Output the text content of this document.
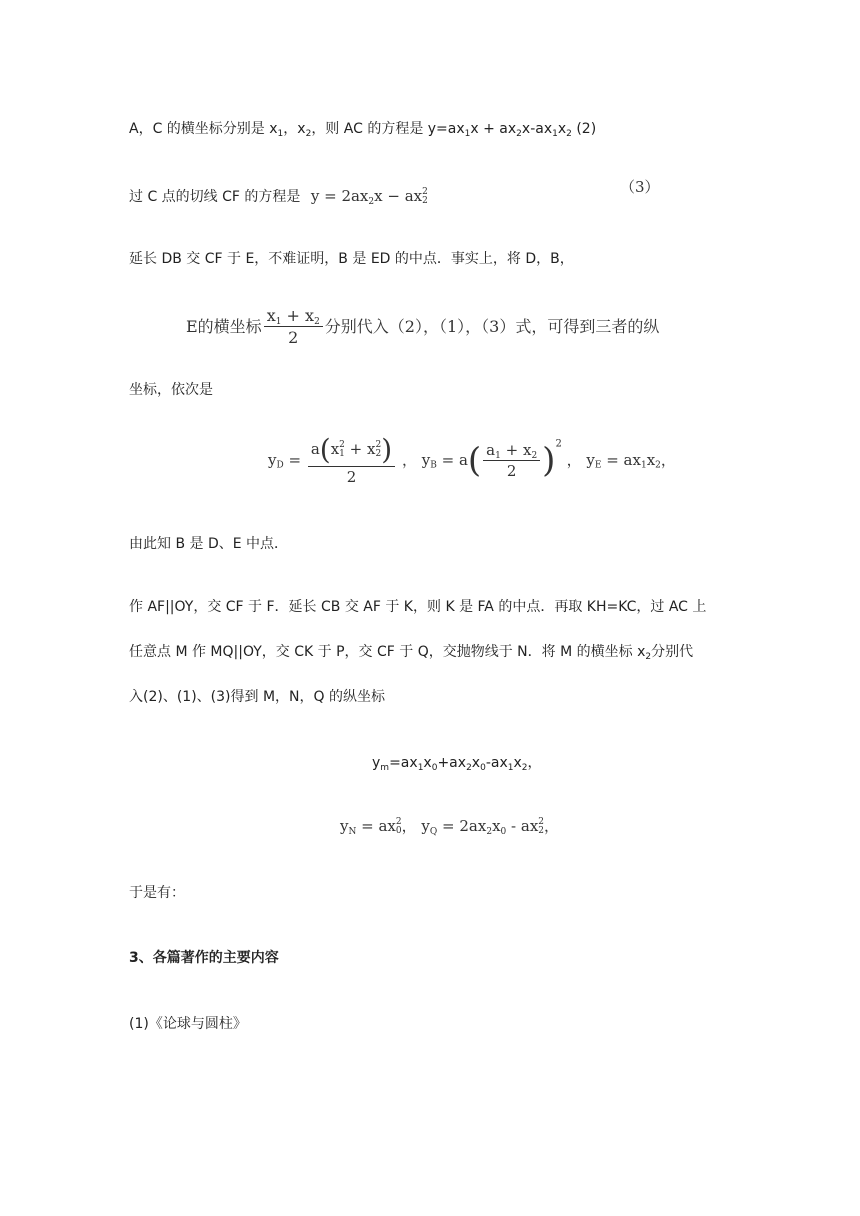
A，C 的横坐标分别是 $x_1$，$x_2$，则 AC 的方程是 $y=ax_1x + ax_2x-ax_1x_2$ (2)
过 C 点的切线 CF 的方程是 $y = 2ax_2x$ − ax 2
2
（3）
延长 DB 交 CF 于 E，不难证明，B 是 ED 的中点．事实上，将 D，B，
E的横坐标 $\frac{x_1 + x_2}{2}$ 分别代入（2），（1），（3）式，可得到三者的纵
坐标，依次是
$y_D = a(x$ 2
1 + x 2
2 )
2 ， $y_B = a( \frac{a_1 + x_2}{2} )^2$ ， $y_E = ax_1x_2$，
由此知 B 是 D、E 中点．
作 AF||OY，交 CF 于 F．延长 CB 交 AF 于 K，则 K 是 FA 的中点．再取 KH=KC，过 AC 上
任意点 M 作 MQ||OY，交 CK 于 P，交 CF 于 Q，交抛物线于 N．将 M 的横坐标 $x_2$分别代
入(2)、(1)、(3)得到 M，N，Q 的纵坐标
$y_m=ax_1x_0+ax_2x_0-ax_1x_2$，
$y_N$ = ax 2
0 ， $y_Q = 2ax_2x_0$ - ax 2
2 ，
于是有：
3、各篇著作的主要内容
(1)《论球与圆柱》
